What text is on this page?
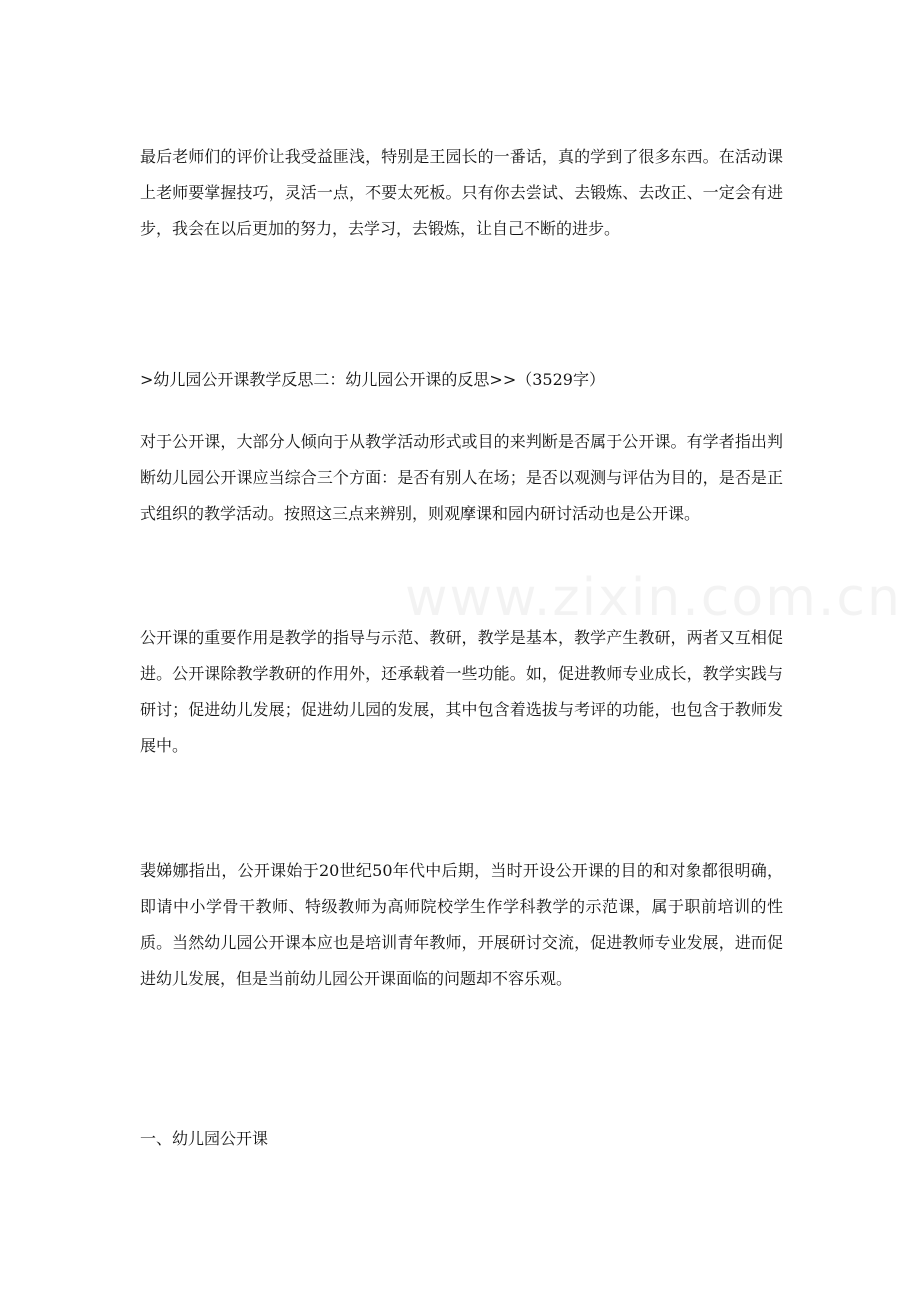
最后老师们的评价让我受益匪浅，特别是王园长的一番话，真的学到了很多东西。在活动课上老师要掌握技巧，灵活一点，不要太死板。只有你去尝试、去锻炼、去改正、一定会有进步，我会在以后更加的努力，去学习，去锻炼，让自己不断的进步。

>幼儿园公开课教学反思二：幼儿园公开课的反思>>（3529字）

对于公开课，大部分人倾向于从教学活动形式或目的来判断是否属于公开课。有学者指出判断幼儿园公开课应当综合三个方面：是否有别人在场；是否以观测与评估为目的，是否是正式组织的教学活动。按照这三点来辨别，则观摩课和园内研讨活动也是公开课。

公开课的重要作用是教学的指导与示范、教研，教学是基本，教学产生教研，两者又互相促进。公开课除教学教研的作用外，还承载着一些功能。如，促进教师专业成长，教学实践与研讨；促进幼儿发展；促进幼儿园的发展，其中包含着选拔与考评的功能，也包含于教师发展中。

裴娣娜指出，公开课始于20世纪50年代中后期，当时开设公开课的目的和对象都很明确，即请中小学骨干教师、特级教师为高师院校学生作学科教学的示范课，属于职前培训的性质。当然幼儿园公开课本应也是培训青年教师，开展研讨交流，促进教师专业发展，进而促进幼儿发展，但是当前幼儿园公开课面临的问题却不容乐观。

一、幼儿园公开课
